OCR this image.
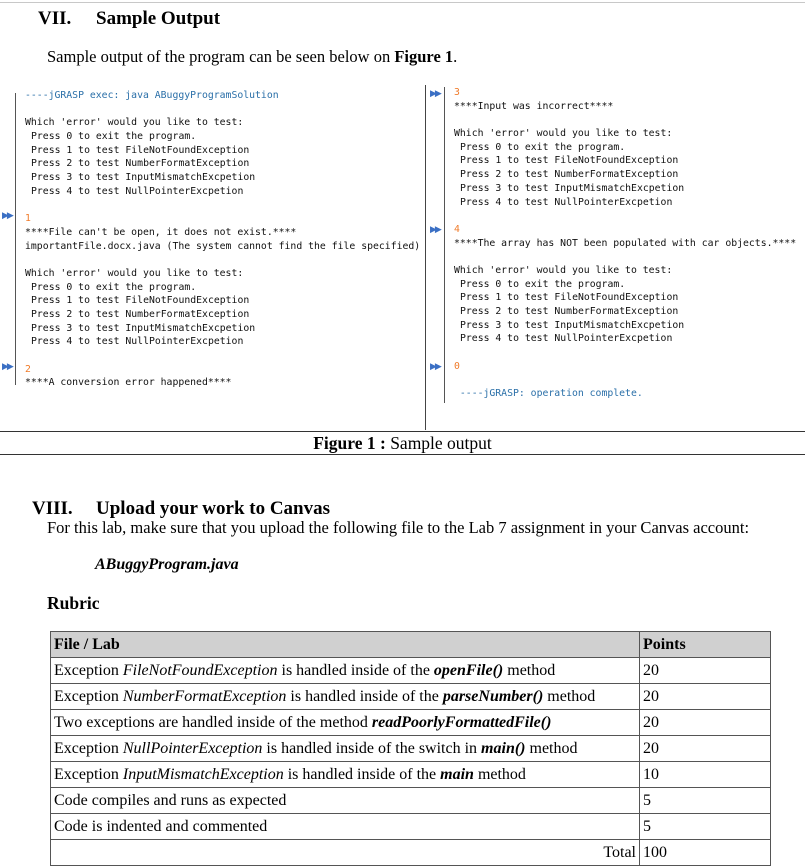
VII. Sample Output
Sample output of the program can be seen below on Figure 1.
▶▶
▶▶
▶▶
▶▶
▶▶
----jGRASP exec: java ABuggyProgramSolution
Which 'error' would you like to test:
Press 0 to exit the program.
Press 1 to test FileNotFoundException
Press 2 to test NumberFormatException
Press 3 to test InputMismatchExcpetion
Press 4 to test NullPointerExcpetion
1
****File can't be open, it does not exist.****
importantFile.docx.java (The system cannot find the file specified)
Which 'error' would you like to test:
Press 0 to exit the program.
Press 1 to test FileNotFoundException
Press 2 to test NumberFormatException
Press 3 to test InputMismatchExcpetion
Press 4 to test NullPointerExcpetion
2
****A conversion error happened****
3
****Input was incorrect****
Which 'error' would you like to test:
Press 0 to exit the program.
Press 1 to test FileNotFoundException
Press 2 to test NumberFormatException
Press 3 to test InputMismatchExcpetion
Press 4 to test NullPointerExcpetion
4
****The array has NOT been populated with car objects.****
Which 'error' would you like to test:
Press 0 to exit the program.
Press 1 to test FileNotFoundException
Press 2 to test NumberFormatException
Press 3 to test InputMismatchExcpetion
Press 4 to test NullPointerExcpetion
0
----jGRASP: operation complete.
Figure 1 : Sample output
VIII. Upload your work to Canvas
For this lab, make sure that you upload the following file to the Lab 7 assignment in your Canvas account:
ABuggyProgram.java
Rubric
File / Lab	Points
Exception FileNotFoundException is handled inside of the openFile() method	20
Exception NumberFormatException is handled inside of the parseNumber() method	20
Two exceptions are handled inside of the method readPoorlyFormattedFile()	20
Exception NullPointerException is handled inside of the switch in main() method	20
Exception InputMismatchException is handled inside of the main method	10
Code compiles and runs as expected	5
Code is indented and commented	5
Total	100
